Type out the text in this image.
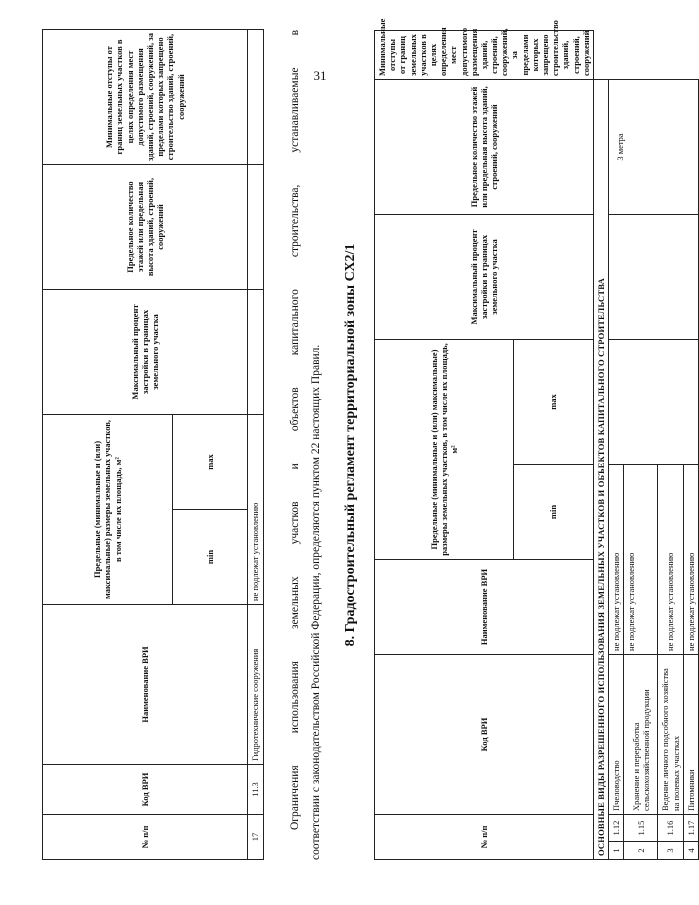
31
№ п/п	Код ВРИ	Наименование ВРИ	Предельные (минимальные и (или) максимальные) размеры земельных участков, в том числе их площадь, м²		Максимальный процент застройки в границах земельного участка	Предельное количество этажей или предельная высота зданий, строений, сооружений	Минимальные отступы от границ земельных участков в целях определения мест допустимого размещения зданий, строений, сооружений, за пределами которых запрещено строительство зданий, строений, сооружений
			min	max			
17	11.3	Гидротехнические сооружения	не подлежат установлению					Ограничения использования земельных участков и объектов капитального строительства, устанавливаемые в соответствии с законодательством Российской Федерации, определяются пунктом 22 настоящих Правил.	8. Градостроительный регламент территориальной зоны СХ2/1
№ п/п		Код ВРИ	Наименование ВРИ	Предельные (минимальные и (или) максимальные) размеры земельных участков, в том числе их площадь, м²		Максимальный процент застройки в границах земельного участка	Предельное количество этажей или предельная высота зданий, строений, сооружений	Минимальные отступы от границ земельных участков в целях определения мест допустимого размещения зданий, строений, сооружений, за пределами которых запрещено строительство зданий, строений, сооружений
				min	max			
ОСНОВНЫЕ ВИДЫ РАЗРЕШЕННОГО ИСПОЛЬЗОВАНИЯ ЗЕМЕЛЬНЫХ УЧАСТКОВ И ОБЪЕКТОВ КАПИТАЛЬНОГО СТРОИТЕЛЬСТВА								
1	1.12	Пчеловодство	не подлежат установлению				3 метра	
2	1.15	Хранение и переработка сельскохозяйственной продукции	не подлежат установлению					
3	1.16	Ведение личного подсобного хозяйства на полевых участках	не подлежат установлению					
4	1.17	Питомники	не подлежат установлению					
